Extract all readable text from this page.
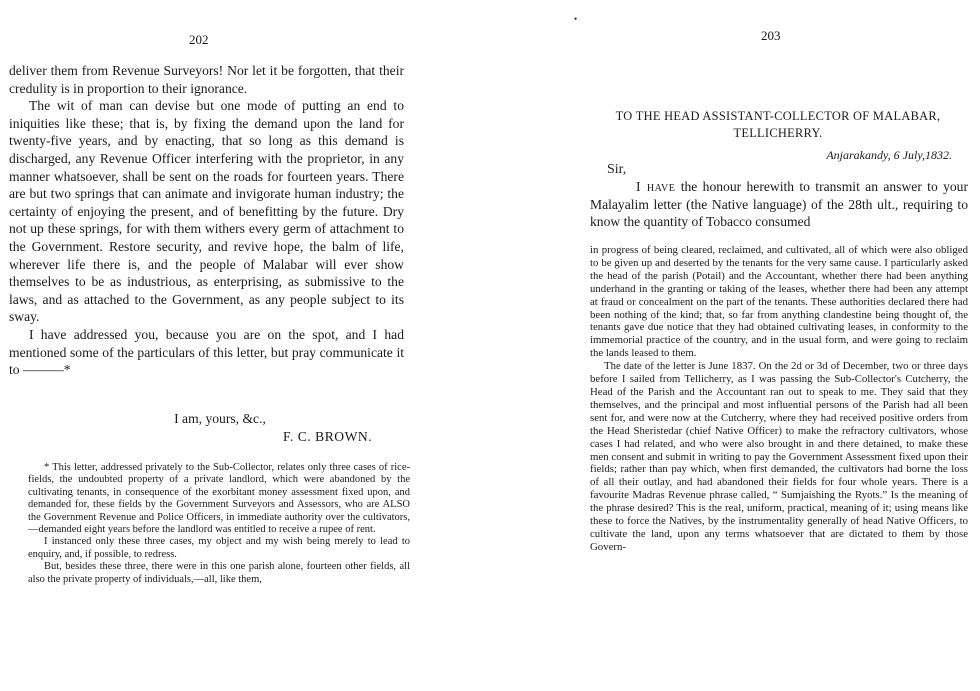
202

deliver them from Revenue Surveyors! Nor let it be forgotten, that their credulity is in proportion to their ignorance.

The wit of man can devise but one mode of putting an end to iniquities like these; that is, by fixing the demand upon the land for twenty-five years, and by enacting, that so long as this demand is discharged, any Revenue Officer interfering with the proprietor, in any manner whatsoever, shall be sent on the roads for fourteen years. There are but two springs that can animate and invigorate human industry; the certainty of enjoying the present, and of benefitting by the future. Dry not up these springs, for with them withers every germ of attachment to the Government. Restore security, and revive hope, the balm of life, wherever life there is, and the people of Malabar will ever show themselves to be as industrious, as enterprising, as submissive to the laws, and as attached to the Government, as any people subject to its sway.

I have addressed you, because you are on the spot, and I had mentioned some of the particulars of this letter, but pray communicate it to ———*

I am, yours, &c.,
F. C. BROWN.

* This letter, addressed privately to the Sub-Collector, relates only three cases of rice-fields, the undoubted property of a private landlord, which were abandoned by the cultivating tenants, in consequence of the exorbitant money assessment fixed upon, and demanded for, these fields by the Government Surveyors and Assessors, who are ALSO the Government Revenue and Police Officers, in immediate authority over the cultivators,—demanded eight years before the landlord was entitled to receive a rupee of rent.

I instanced only these three cases, my object and my wish being merely to lead to enquiry, and, if possible, to redress.

But, besides these three, there were in this one parish alone, fourteen other fields, all also the private property of individuals,—all, like them,

•
203
TO THE HEAD ASSISTANT-COLLECTOR OF MALABAR,
TELLICHERRY.
Anjarakandy, 6 July,1832.
Sir,

I have the honour herewith to transmit an answer to your Malayalim letter (the Native language) of the 28th ult., requiring to know the quantity of Tobacco consumed

in progress of being cleared, reclaimed, and cultivated, all of which were also obliged to be given up and deserted by the tenants for the very same cause. I particularly asked the head of the parish (Potail) and the Accountant, whether there had been anything underhand in the granting or taking of the leases, whether there had been any attempt at fraud or concealment on the part of the tenants. These authorities declared there had been nothing of the kind; that, so far from anything clandestine being thought of, the tenants gave due notice that they had obtained cultivating leases, in conformity to the immemorial practice of the country, and in the usual form, and were going to reclaim the lands leased to them.

The date of the letter is June 1837. On the 2d or 3d of December, two or three days before I sailed from Tellicherry, as I was passing the Sub-Collector's Cutcherry, the Head of the Parish and the Accountant ran out to speak to me. They said that they themselves, and the principal and most influential persons of the Parish had all been sent for, and were now at the Cutcherry, where they had received positive orders from the Head Sheristedar (chief Native Officer) to make the refractory cultivators, whose cases I had related, and who were also brought in and there detained, to make these men consent and submit in writing to pay the Government Assessment fixed upon their fields; rather than pay which, when first demanded, the cultivators had borne the loss of all their outlay, and had abandoned their fields for four whole years. There is a favourite Madras Revenue phrase called, “ Sumjaishing the Ryots.” Is the meaning of the phrase desired? This is the real, uniform, practical, meaning of it; using means like these to force the Natives, by the instrumentality generally of head Native Officers, to cultivate the land, upon any terms whatsoever that are dictated to them by those Govern-
